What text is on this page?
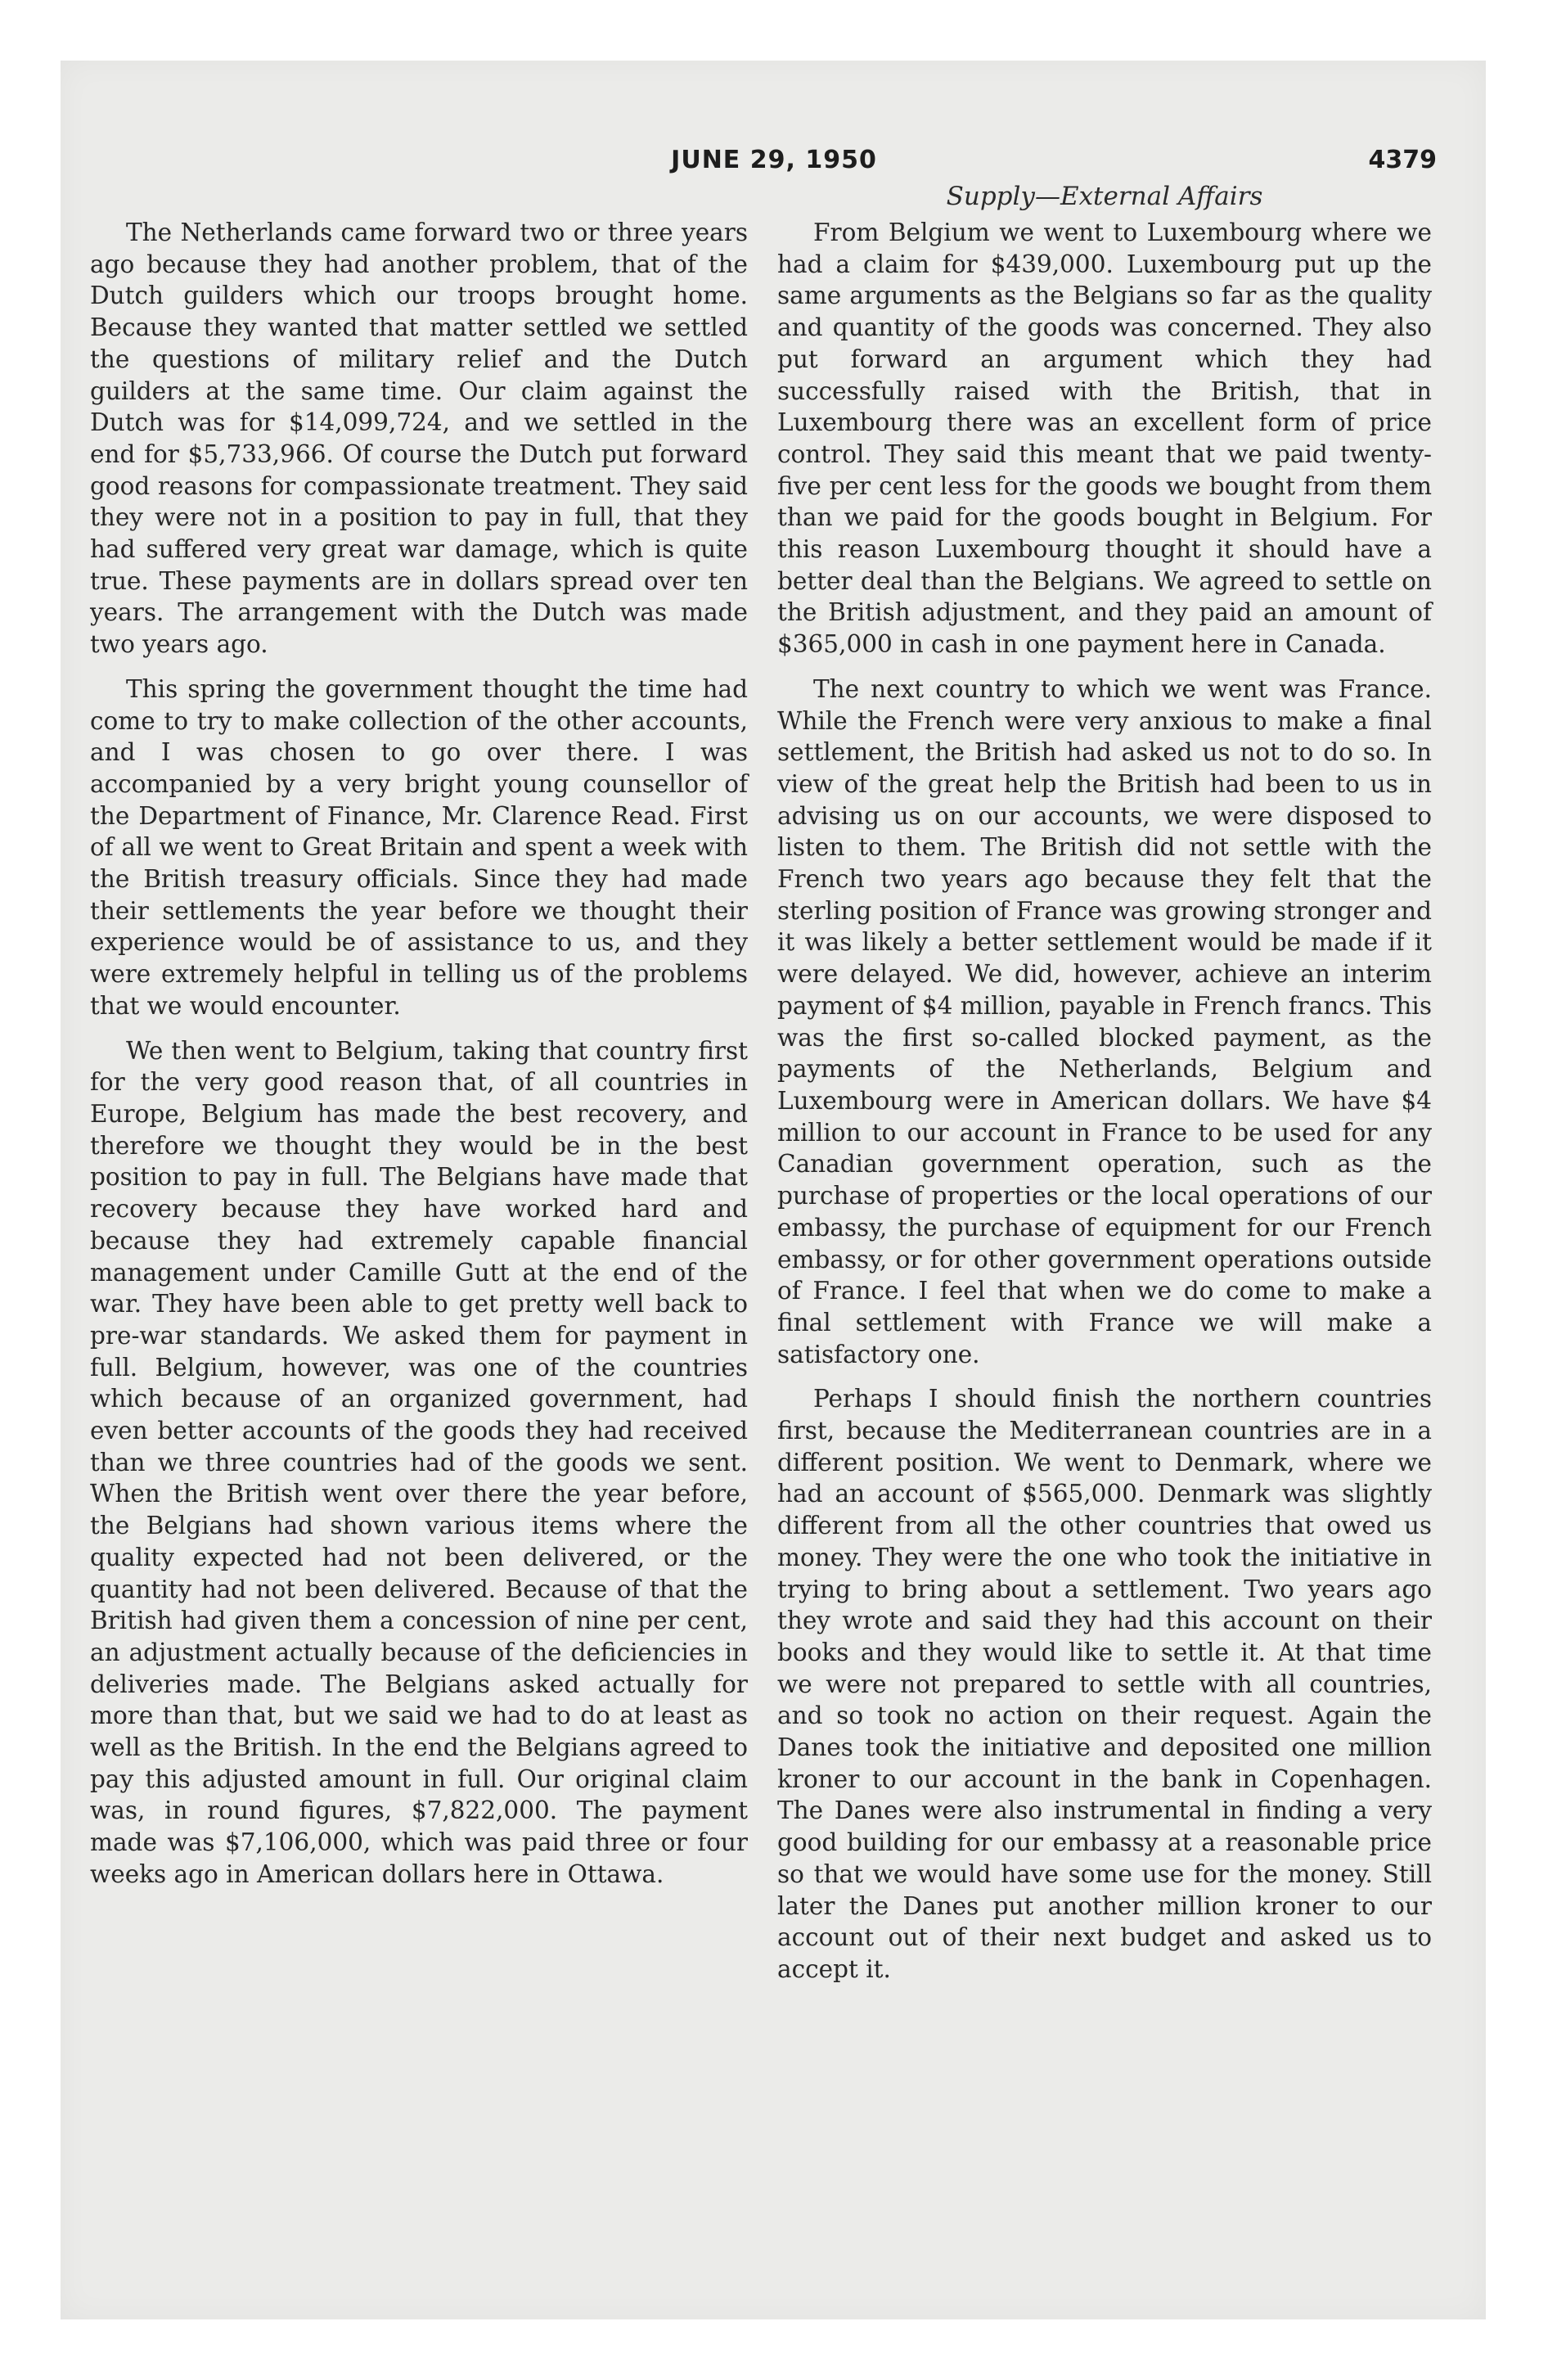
JUNE 29, 1950	4379
Supply—External Affairs

The Netherlands came forward two or three years ago because they had another problem, that of the Dutch guilders which our troops brought home. Because they wanted that matter settled we settled the questions of military relief and the Dutch guilders at the same time. Our claim against the Dutch was for $14,099,724, and we settled in the end for $5,733,966. Of course the Dutch put forward good reasons for compassionate treatment. They said they were not in a position to pay in full, that they had suffered very great war damage, which is quite true. These payments are in dollars spread over ten years. The arrangement with the Dutch was made two years ago.

This spring the government thought the time had come to try to make collection of the other accounts, and I was chosen to go over there. I was accompanied by a very bright young counsellor of the Department of Finance, Mr. Clarence Read. First of all we went to Great Britain and spent a week with the British treasury officials. Since they had made their settlements the year before we thought their experience would be of assistance to us, and they were extremely helpful in telling us of the problems that we would encounter.

We then went to Belgium, taking that country first for the very good reason that, of all countries in Europe, Belgium has made the best recovery, and therefore we thought they would be in the best position to pay in full. The Belgians have made that recovery because they have worked hard and because they had extremely capable financial management under Camille Gutt at the end of the war. They have been able to get pretty well back to pre-war standards. We asked them for payment in full. Belgium, however, was one of the countries which because of an organized government, had even better accounts of the goods they had received than we three countries had of the goods we sent. When the British went over there the year before, the Belgians had shown various items where the quality expected had not been delivered, or the quantity had not been delivered. Because of that the British had given them a concession of nine per cent, an adjustment actually because of the deficiencies in deliveries made. The Belgians asked actually for more than that, but we said we had to do at least as well as the British. In the end the Belgians agreed to pay this adjusted amount in full. Our original claim was, in round figures, $7,822,000. The payment made was $7,106,000, which was paid three or four weeks ago in American dollars here in Ottawa.

From Belgium we went to Luxembourg where we had a claim for $439,000. Luxembourg put up the same arguments as the Belgians so far as the quality and quantity of the goods was concerned. They also put forward an argument which they had successfully raised with the British, that in Luxembourg there was an excellent form of price control. They said this meant that we paid twenty-five per cent less for the goods we bought from them than we paid for the goods bought in Belgium. For this reason Luxembourg thought it should have a better deal than the Belgians. We agreed to settle on the British adjustment, and they paid an amount of $365,000 in cash in one payment here in Canada.

The next country to which we went was France. While the French were very anxious to make a final settlement, the British had asked us not to do so. In view of the great help the British had been to us in advising us on our accounts, we were disposed to listen to them. The British did not settle with the French two years ago because they felt that the sterling position of France was growing stronger and it was likely a better settlement would be made if it were delayed. We did, however, achieve an interim payment of $4 million, payable in French francs. This was the first so-called blocked payment, as the payments of the Netherlands, Belgium and Luxembourg were in American dollars. We have $4 million to our account in France to be used for any Canadian government operation, such as the purchase of properties or the local operations of our embassy, the purchase of equipment for our French embassy, or for other government operations outside of France. I feel that when we do come to make a final settlement with France we will make a satisfactory one.

Perhaps I should finish the northern countries first, because the Mediterranean countries are in a different position. We went to Denmark, where we had an account of $565,000. Denmark was slightly different from all the other countries that owed us money. They were the one who took the initiative in trying to bring about a settlement. Two years ago they wrote and said they had this account on their books and they would like to settle it. At that time we were not prepared to settle with all countries, and so took no action on their request. Again the Danes took the initiative and deposited one million kroner to our account in the bank in Copenhagen. The Danes were also instrumental in finding a very good building for our embassy at a reasonable price so that we would have some use for the money. Still later the Danes put another million kroner to our account out of their next budget and asked us to accept it.
